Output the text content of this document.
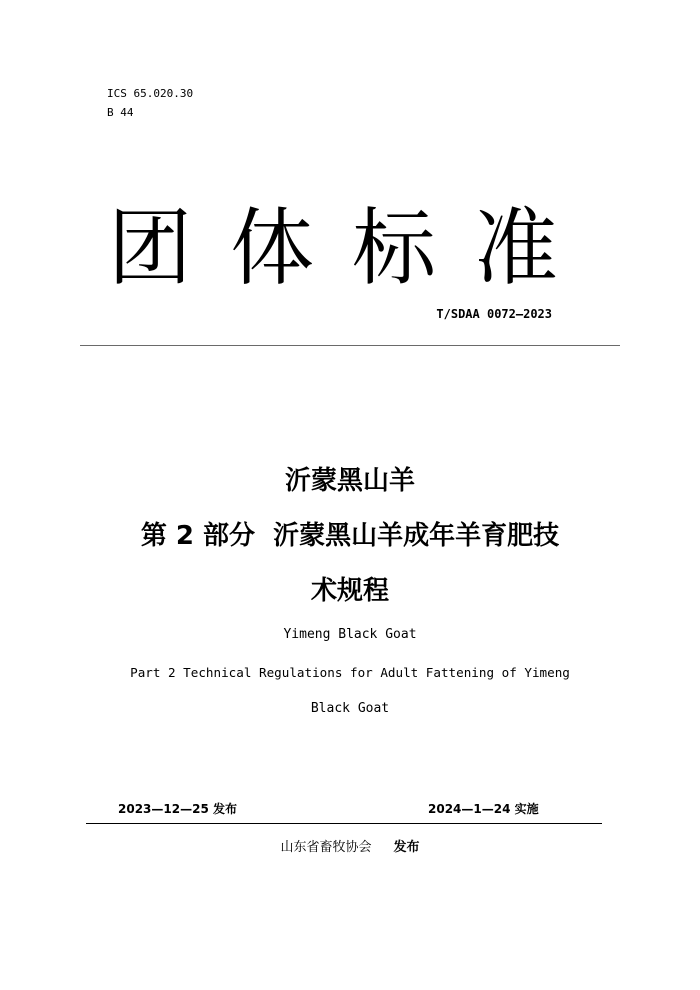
ICS 65.020.30
B 44
团 体 标 准
T/SDAA 0072—2023
沂蒙黑山羊
第 2 部分  沂蒙黑山羊成年羊育肥技
术规程
Yimeng Black Goat
Part 2 Technical Regulations for Adult Fattening of Yimeng
Black Goat
2023—12—25 发布	2024—1—24 实施
山东省畜牧协会 发布
